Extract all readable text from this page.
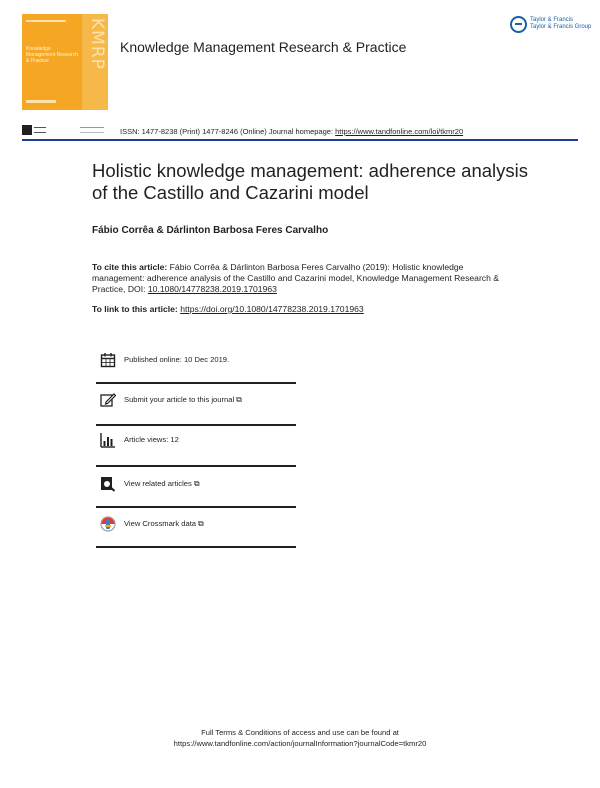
KMRP
Knowledge Management Research & Practice
Knowledge Management Research & Practice
Taylor & Francis
Taylor & Francis Group
ISSN: 1477-8238 (Print) 1477-8246 (Online) Journal homepage: https://www.tandfonline.com/loi/tkmr20
Holistic knowledge management: adherence analysis of the Castillo and Cazarini model
Fábio Corrêa & Dárlinton Barbosa Feres Carvalho
To cite this article: Fábio Corrêa & Dárlinton Barbosa Feres Carvalho (2019): Holistic knowledge management: adherence analysis of the Castillo and Cazarini model, Knowledge Management Research & Practice, DOI: 10.1080/14778238.2019.1701963
To link to this article: https://doi.org/10.1080/14778238.2019.1701963
Published online: 10 Dec 2019.
Submit your article to this journal ⧉
Article views: 12
View related articles ⧉
View Crossmark data ⧉
Full Terms & Conditions of access and use can be found at
https://www.tandfonline.com/action/journalInformation?journalCode=tkmr20
